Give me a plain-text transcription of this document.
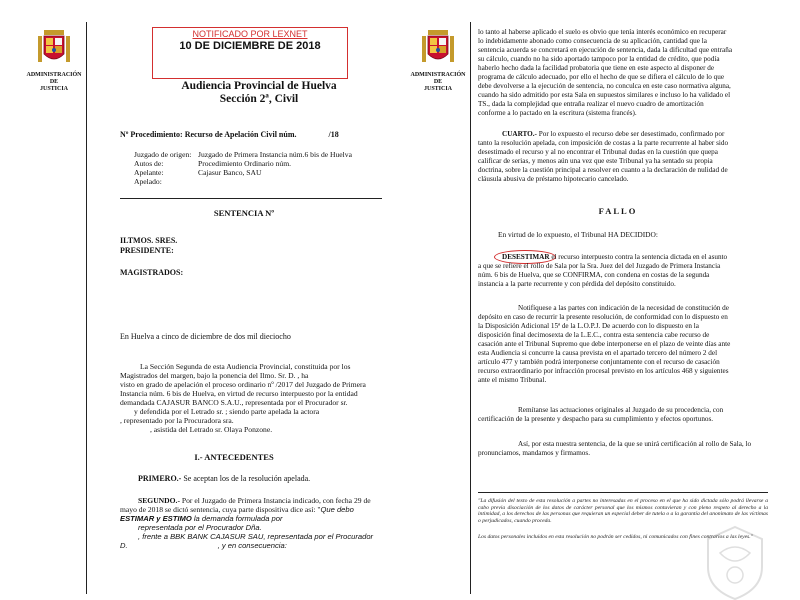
ADMINISTRACIÓN
DE
JUSTICIA
NOTIFICADO POR LEXNET
10 DE DICIEMBRE DE 2018
Audiencia Provincial de Huelva
Sección 2ª, Civil
Nº Procedimiento: Recurso de Apelación Civil núm.	/18
Juzgado de origen: Juzgado de Primera Instancia núm.6 bis de Huelva
Autos de:	Procedimiento Ordinario núm.
Apelante:	Cajasur Banco, SAU
Apelado:
SENTENCIA Nº
ILTMOS. SRES.
PRESIDENTE:
MAGISTRADOS:
En Huelva a cinco de diciembre de dos mil dieciocho
La Sección Segunda de esta Audiencia Provincial, constituida por los
Magistrados del margen, bajo la ponencia del Ilmo. Sr. D. , ha
visto en grado de apelación el proceso ordinario nº /2017 del Juzgado de Primera
Instancia núm. 6 bis de Huelva, en virtud de recurso interpuesto por la entidad
demandada CAJASUR BANCO S.A.U., representada por el Procurador sr.
y defendida por el Letrado sr. ; siendo parte apelada la actora
, representado por la Procuradora sra.
, asistida del Letrado sr. Olaya Ponzone.
I.- ANTECEDENTES
PRIMERO.- Se aceptan los de la resolución apelada.
SEGUNDO.- Por el Juzgado de Primera Instancia indicado, con fecha 29 de
mayo de 2018 se dictó sentencia, cuya parte dispositiva dice así: "Que debo
ESTIMAR y ESTIMO la demanda formulada por
representada por el Procurador Dña.
, frente a BBK BANK CAJASUR SAU, representada por el Procurador
D.	, y en consecuencia:
ADMINISTRACIÓN
DE
JUSTICIA
lo tanto al haberse aplicado el suelo es obvio que tenía interés económico en recuperar
lo indebidamente abonado como consecuencia de su aplicación, cantidad que la
sentencia acuerda se concretará en ejecución de sentencia, dada la dificultad que entraña
su cálculo, cuando no ha sido aportado tampoco por la entidad de crédito, que podía
haberlo hecho dada la facilidad probatoria que tiene en este aspecto al disponer de
programa de cálculo adecuado, por ello el hecho de que se difiera el cálculo de lo que
debe devolverse a la ejecución de sentencia, no conculca en este caso normativa alguna,
cuando ha sido admitido por esta Sala en supuestos similares e incluso lo ha validado el
TS., dada la complejidad que entraña realizar el nuevo cuadro de amortización
conforme a lo pactado en la escritura (sistema francés).
CUARTO.- Por lo expuesto el recurso debe ser desestimado, confirmado por
tanto la resolución apelada, con imposición de costas a la parte recurrente al haber sido
desestimado el recurso y al no encontrar el Tribunal dudas en la cuestión que quepa
calificar de serias, y menos aún una vez que este Tribunal ya ha sentado su propia
doctrina, sobre la cuestión principal a resolver en cuanto a la declaración de nulidad de
cláusula abusiva de préstamo hipotecario cancelado.
FALLO
En virtud de lo expuesto, el Tribunal HA DECIDIDO:
DESESTIMAR el recurso interpuesto contra la sentencia dictada en el asunto
a que se refiere el rollo de Sala por la Sra. Juez del del Juzgado de Primera Instancia
núm. 6 bis de Huelva, que se CONFIRMA, con condena en costas de la segunda
instancia a la parte recurrente y con pérdida del depósito constituido.
Notifíquese a las partes con indicación de la necesidad de constitución de
depósito en caso de recurrir la presente resolución, de conformidad con lo dispuesto en
la Disposición Adicional 15ª de la L.O.P.J. De acuerdo con lo dispuesto en la
disposición final decimosexta de la L.E.C., contra esta sentencia cabe recurso de
casación ante el Tribunal Supremo que debe interponerse en el plazo de veinte días ante
esta Audiencia si concurre la causa prevista en el apartado tercero del número 2 del
artículo 477 y también podrá interponerse conjuntamente con el recurso de casación
recurso extraordinario por infracción procesal previsto en los artículos 468 y siguientes
ante el mismo Tribunal.
Remítanse las actuaciones originales al Juzgado de su procedencia, con
certificación de la presente y despacho para su cumplimiento y efectos oportunos.
Así, por esta nuestra sentencia, de la que se unirá certificación al rollo de Sala, lo
pronunciamos, mandamos y firmamos.
"La difusión del texto de esta resolución a partes no interesadas en el proceso en el que ha sido dictada sólo podrá llevarse a cabo previa disociación de los datos de carácter personal que los mismos contuvieran y con pleno respeto al derecho a la intimidad, a los derechos de las personas que requieran un especial deber de tutela o a la garantía del anonimato de las víctimas o perjudicados, cuando proceda.
Los datos personales incluidos en esta resolución no podrán ser cedidos, ni comunicados con fines contrarios a las leyes."
